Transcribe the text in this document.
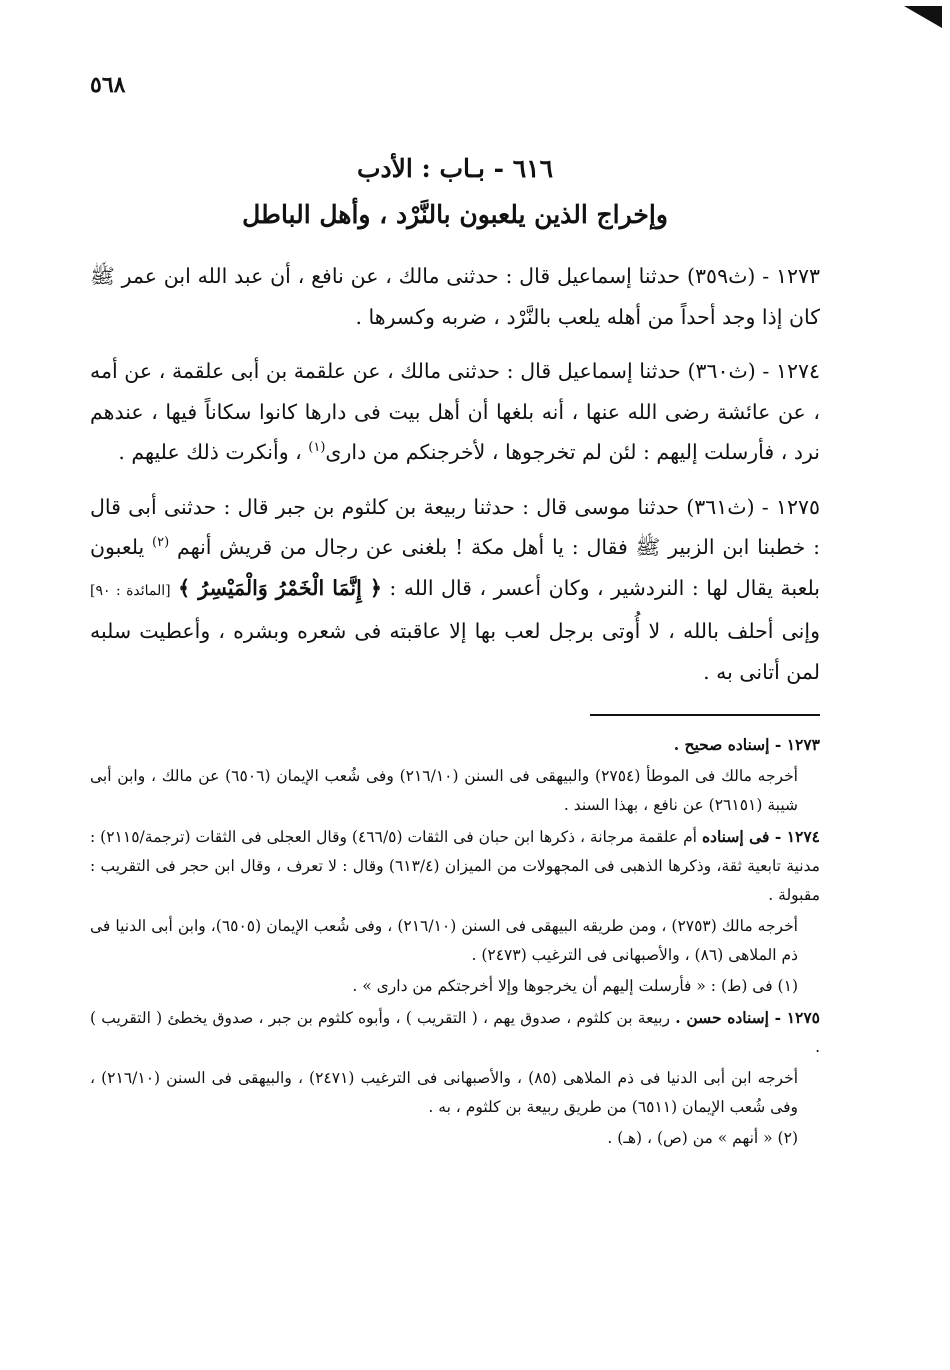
٥٦٨
٦١٦ - بـاب : الأدب
وإخراج الذين يلعبون بالنَّرْد ، وأهل الباطل

١٢٧٣ - (ث٣٥٩) حدثنا إسماعيل قال : حدثنى مالك ، عن نافع ، أن عبد الله ابن عمر ﷺ كان إذا وجد أحداً من أهله يلعب بالنَّرْد ، ضربه وكسرها .

١٢٧٤ - (ث٣٦٠) حدثنا إسماعيل قال : حدثنى مالك ، عن علقمة بن أبى علقمة ، عن أمه ، عن عائشة رضى الله عنها ، أنه بلغها أن أهل بيت فى دارها كانوا سكاناً فيها ، عندهم نرد ، فأرسلت إليهم : لئن لم تخرجوها ، لأخرجنكم من دارى$^{(١)}$ ، وأنكرت ذلك عليهم .

١٢٧٥ - (ث٣٦١) حدثنا موسى قال : حدثنا ربيعة بن كلثوم بن جبر قال : حدثنى أبى قال : خطبنا ابن الزبير ﷺ فقال : يا أهل مكة ! بلغنى عن رجال من قريش أنهم $^{(٢)}$ يلعبون بلعبة يقال لها : النردشير ، وكان أعسر ، قال الله : ﴿ إِنَّمَا الْخَمْرُ وَالْمَيْسِرُ ﴾ [المائدة : ٩٠] وإنى أحلف بالله ، لا أُوتى برجل لعب بها إلا عاقبته فى شعره وبشره ، وأعطيت سلبه لمن أتانى به .

١٢٧٣ - إسناده صحيح .

أخرجه مالك فى الموطأ (٢٧٥٤) والبيهقى فى السنن (٢١٦/١٠) وفى شُعب الإيمان (٦٥٠٦) عن مالك ، وابن أبى شيبة (٢٦١٥١) عن نافع ، بهذا السند .

١٢٧٤ - فى إسناده أم علقمة مرجانة ، ذكرها ابن حبان فى الثقات (٤٦٦/٥) وقال العجلى فى الثقات (ترجمة/٢١١٥) : مدنية تابعية ثقة، وذكرها الذهبى فى المجهولات من الميزان (٦١٣/٤) وقال : لا تعرف ، وقال ابن حجر فى التقريب : مقبولة .

أخرجه مالك (٢٧٥٣) ، ومن طريقه البيهقى فى السنن (٢١٦/١٠) ، وفى شُعب الإيمان (٦٥٠٥)، وابن أبى الدنيا فى ذم الملاهى (٨٦) ، والأصبهانى فى الترغيب (٢٤٧٣) .

(١) فى (ط) : « فأرسلت إليهم أن يخرجوها وإلا أخرجتكم من دارى » .

١٢٧٥ - إسناده حسن . ربيعة بن كلثوم ، صدوق يهم ، ( التقريب ) ، وأبوه كلثوم بن جبر ، صدوق يخطئ ( التقريب ) .

أخرجه ابن أبى الدنيا فى ذم الملاهى (٨٥) ، والأصبهانى فى الترغيب (٢٤٧١) ، والبيهقى فى السنن (٢١٦/١٠) ، وفى شُعب الإيمان (٦٥١١) من طريق ربيعة بن كلثوم ، به .

(٢) « أنهم » من (ص) ، (هـ) .
